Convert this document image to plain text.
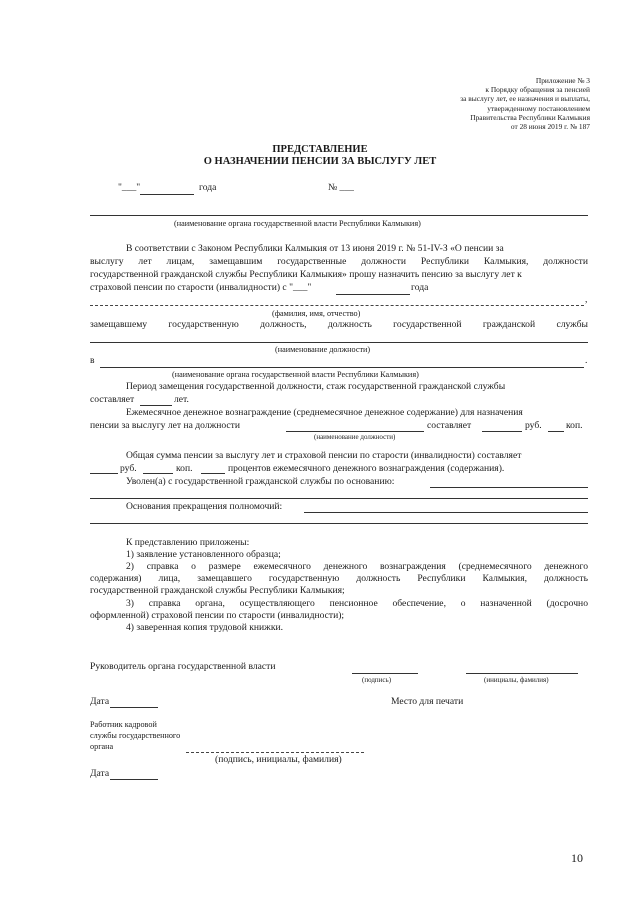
Приложение № 3
к Порядку обращения за пенсией
за выслугу лет, ее назначения и выплаты,
утвержденному постановлением
Правительства Республики Калмыкия
от 28 июня 2019 г. № 187
ПРЕДСТАВЛЕНИЕ
О НАЗНАЧЕНИИ ПЕНСИИ ЗА ВЫСЛУГУ ЛЕТ
"___"	года	№ ___
(наименование органа государственной власти Республики Калмыкия)
В соответствии с Законом Республики Калмыкия от 13 июня 2019 г. № 51-IV-З «О пенсии за
выслугу лет лицам, замещавшим государственные должности Республики Калмыкия, должности
государственной гражданской службы Республики Калмыкия» прошу назначить пенсию за выслугу лет к
страховой пенсии по старости (инвалидности) с "___"	года
,
(фамилия, имя, отчество)
замещавшему государственную должность, должность государственной гражданской службы
(наименование должности)
в	.
(наименование органа государственной власти Республики Калмыкия)
Период замещения государственной должности, стаж государственной гражданской службы
составляет	лет.
Ежемесячное денежное вознаграждение (среднемесячное денежное содержание) для назначения
пенсии за выслугу лет на должности	составляет	руб.	коп.
(наименование должности)
Общая сумма пенсии за выслугу лет и страховой пенсии по старости (инвалидности) составляет
руб.	коп.	процентов ежемесячного денежного вознаграждения (содержания).
Уволен(а) с государственной гражданской службы по основанию:
Основания прекращения полномочий:
К представлению приложены:
1) заявление установленного образца;
2) справка о размере ежемесячного денежного вознаграждения (среднемесячного денежного
содержания) лица, замещавшего государственную должность Республики Калмыкия, должность
государственной гражданской службы Республики Калмыкия;
3) справка органа, осуществляющего пенсионное обеспечение, о назначенной (досрочно
оформленной) страховой пенсии по старости (инвалидности);
4) заверенная копия трудовой книжки.
Руководитель органа государственной власти
(подпись)	(инициалы, фамилия)
Дата	Место для печати
Работник кадровой
службы государственного
органа
(подпись, инициалы, фамилия)
Дата
10
